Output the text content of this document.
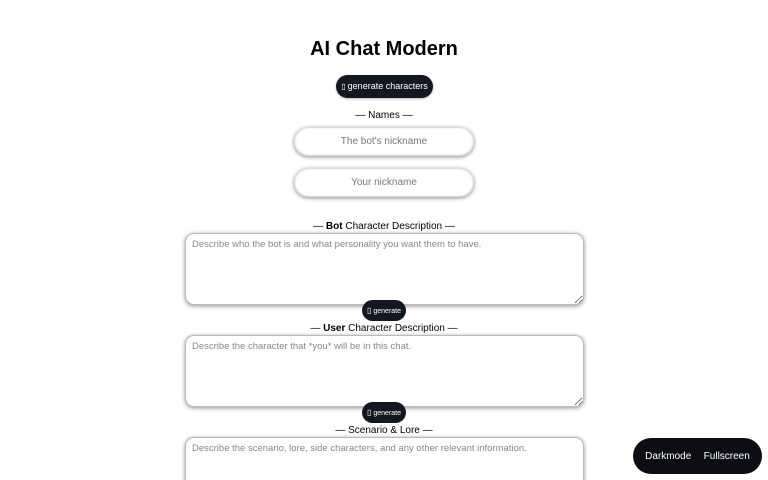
AI Chat Modern
▯ generate characters
— Names —
The bot's nickname
Your nickname
— Bot Character Description —
Describe who the bot is and what personality you want them to have.
▯ generate
— User Character Description —
Describe the character that *you* will be in this chat.
▯ generate
— Scenario & Lore —
Describe the scenario, lore, side characters, and any other relevant information.
Darkmode	Fullscreen
